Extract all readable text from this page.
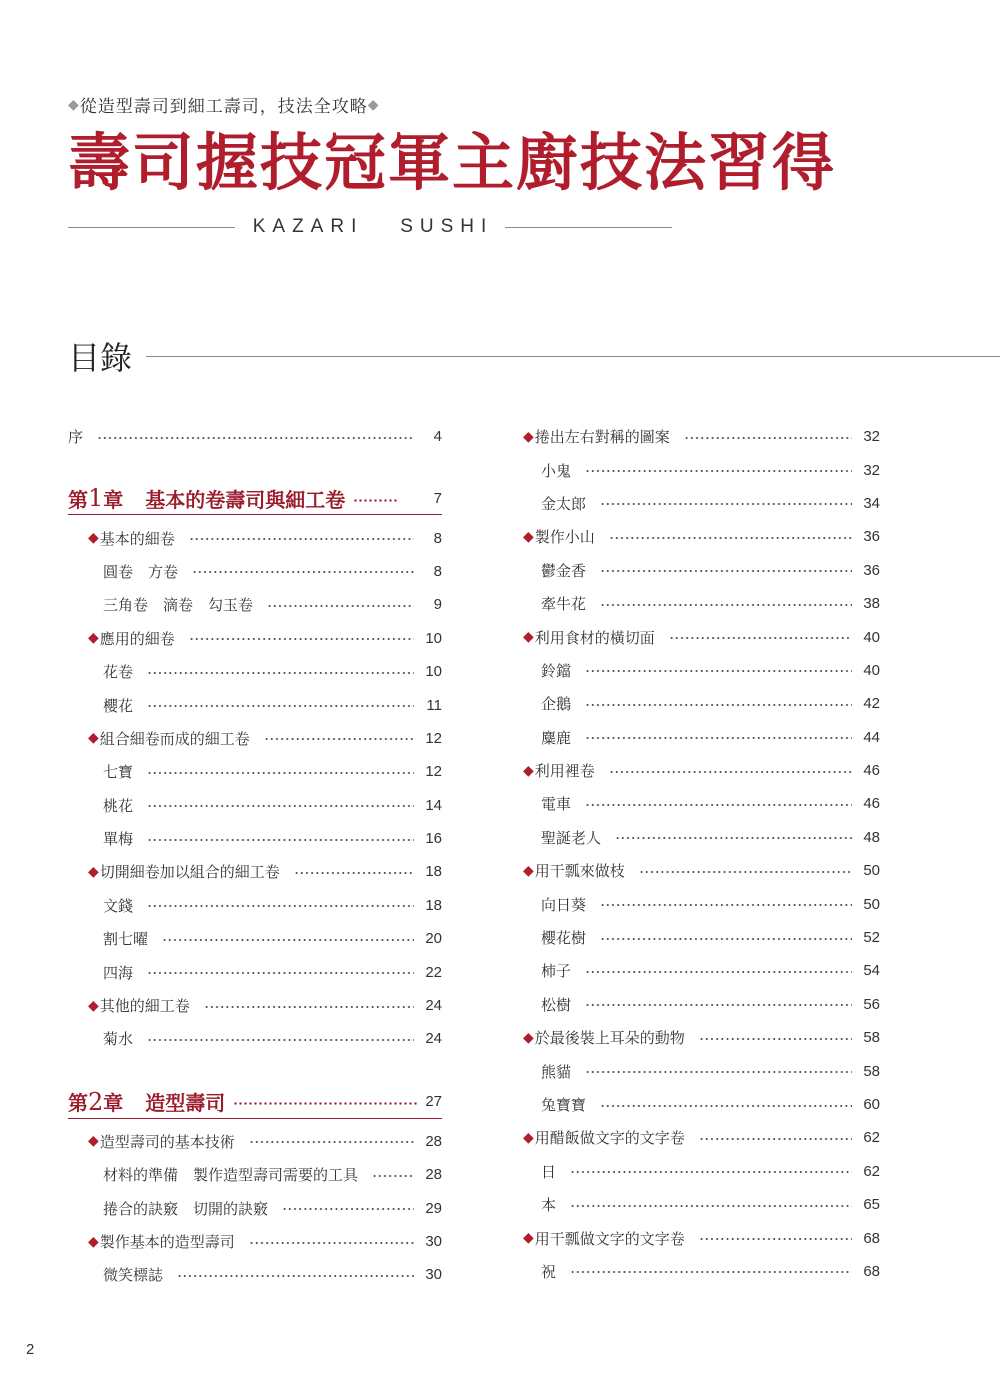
◆ 從造型壽司到細工壽司，技法全攻略 ◆
壽司握技冠軍主廚技法習得
KAZARI   SUSHI
目錄
序	4
第 1 章 基本的卷壽司與細工卷	7
◆ 基本的細卷	8
圓卷　方卷	8
三角卷　滴卷　勾玉卷	9
◆ 應用的細卷	10
花卷	10
櫻花	11
◆ 組合細卷而成的細工卷	12
七寶	12
桃花	14
單梅	16
◆ 切開細卷加以組合的細工卷	18
文錢	18
割七曜	20
四海	22
◆ 其他的細工卷	24
菊水	24
第 2 章 造型壽司	27
◆ 造型壽司的基本技術	28
材料的準備　製作造型壽司需要的工具	28
捲合的訣竅　切開的訣竅	29
◆ 製作基本的造型壽司	30
微笑標誌	30
◆ 捲出左右對稱的圖案	32
小鬼	32
金太郎	34
◆ 製作小山	36
鬱金香	36
牽牛花	38
◆ 利用食材的橫切面	40
鈴鐺	40
企鵝	42
麋鹿	44
◆ 利用裡卷	46
電車	46
聖誕老人	48
◆ 用干瓢來做枝	50
向日葵	50
櫻花樹	52
柿子	54
松樹	56
◆ 於最後裝上耳朵的動物	58
熊貓	58
兔寶寶	60
◆ 用醋飯做文字的文字卷	62
日	62
本	65
◆ 用干瓢做文字的文字卷	68
祝	68
2
